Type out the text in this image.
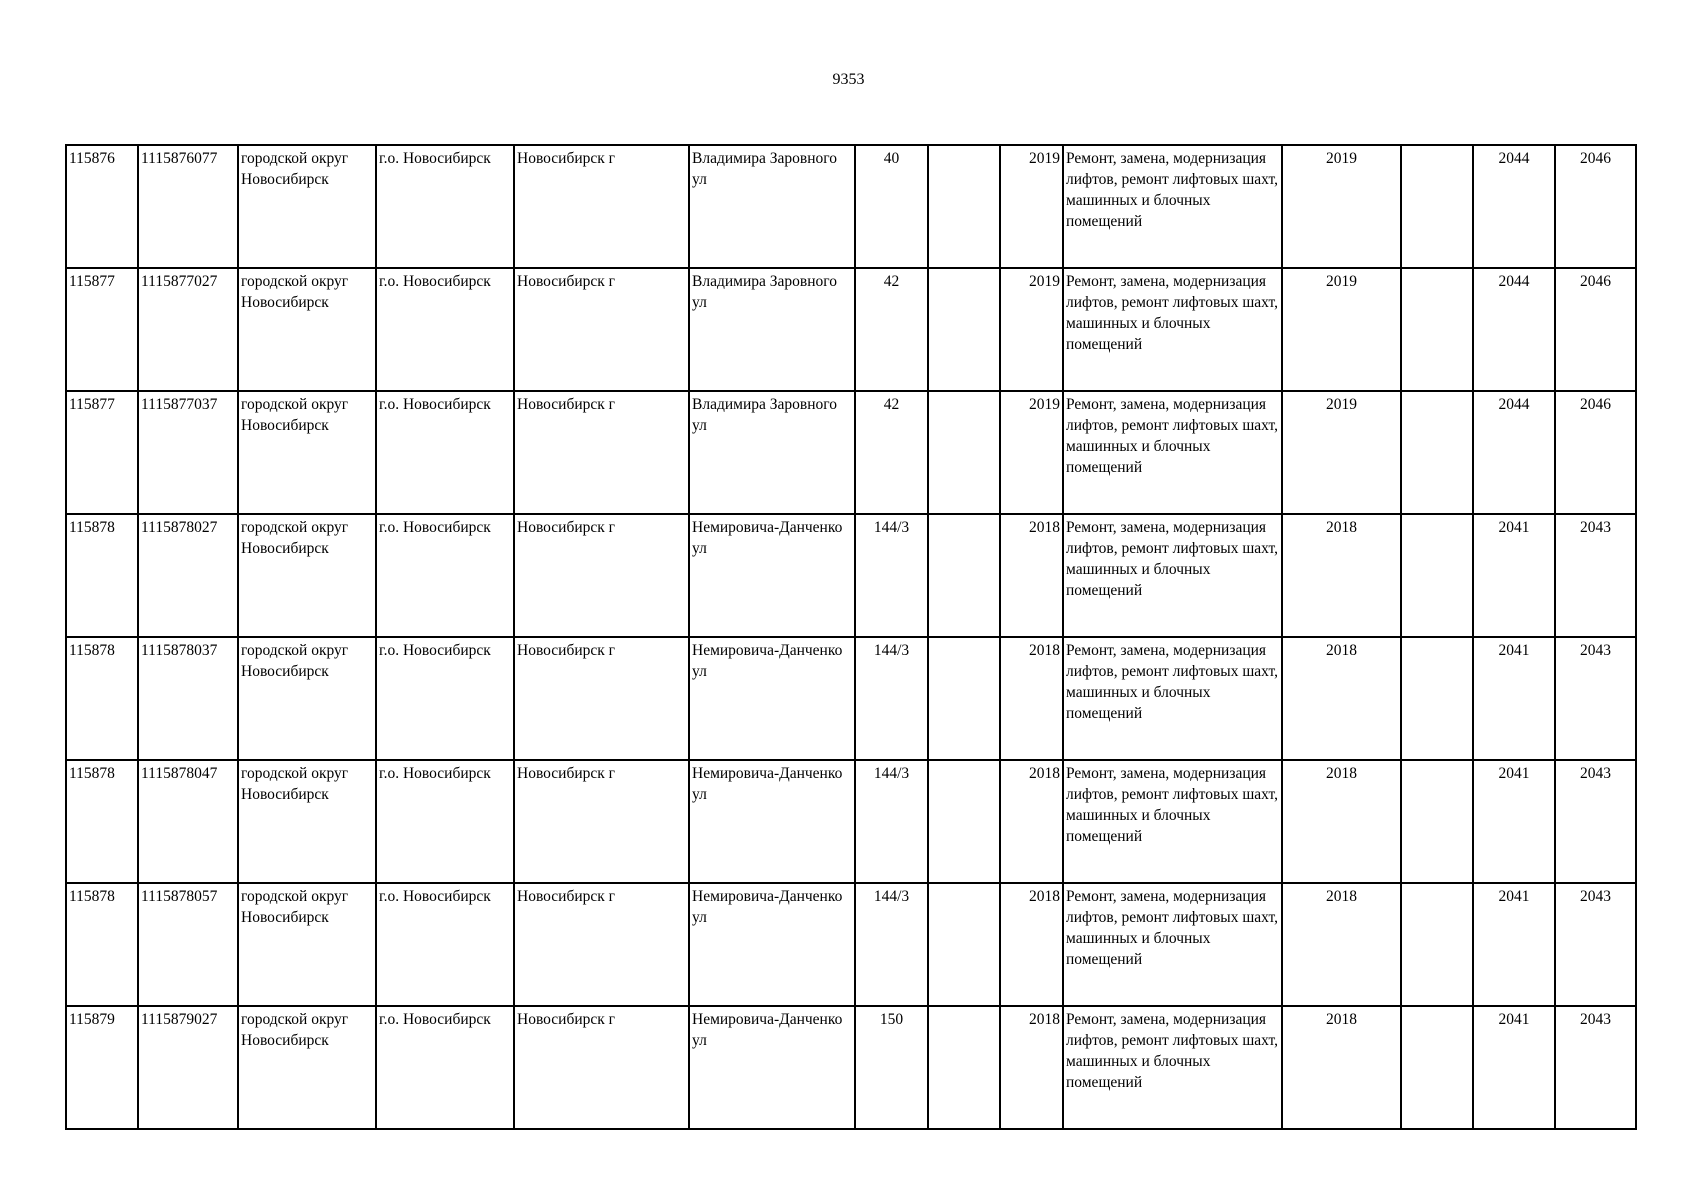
9353
115876	1115876077	городской округ Новосибирск	г.о. Новосибирск	Новосибирск г	Владимира Заровного ул	40		2019	Ремонт, замена, модернизация лифтов, ремонт лифтовых шахт, машинных и блочных помещений	2019		2044	2046
115877	1115877027	городской округ Новосибирск	г.о. Новосибирск	Новосибирск г	Владимира Заровного ул	42		2019	Ремонт, замена, модернизация лифтов, ремонт лифтовых шахт, машинных и блочных помещений	2019		2044	2046
115877	1115877037	городской округ Новосибирск	г.о. Новосибирск	Новосибирск г	Владимира Заровного ул	42		2019	Ремонт, замена, модернизация лифтов, ремонт лифтовых шахт, машинных и блочных помещений	2019		2044	2046
115878	1115878027	городской округ Новосибирск	г.о. Новосибирск	Новосибирск г	Немировича-Данченко ул	144/3		2018	Ремонт, замена, модернизация лифтов, ремонт лифтовых шахт, машинных и блочных помещений	2018		2041	2043
115878	1115878037	городской округ Новосибирск	г.о. Новосибирск	Новосибирск г	Немировича-Данченко ул	144/3		2018	Ремонт, замена, модернизация лифтов, ремонт лифтовых шахт, машинных и блочных помещений	2018		2041	2043
115878	1115878047	городской округ Новосибирск	г.о. Новосибирск	Новосибирск г	Немировича-Данченко ул	144/3		2018	Ремонт, замена, модернизация лифтов, ремонт лифтовых шахт, машинных и блочных помещений	2018		2041	2043
115878	1115878057	городской округ Новосибирск	г.о. Новосибирск	Новосибирск г	Немировича-Данченко ул	144/3		2018	Ремонт, замена, модернизация лифтов, ремонт лифтовых шахт, машинных и блочных помещений	2018		2041	2043
115879	1115879027	городской округ Новосибирск	г.о. Новосибирск	Новосибирск г	Немировича-Данченко ул	150		2018	Ремонт, замена, модернизация лифтов, ремонт лифтовых шахт, машинных и блочных помещений	2018		2041	2043
